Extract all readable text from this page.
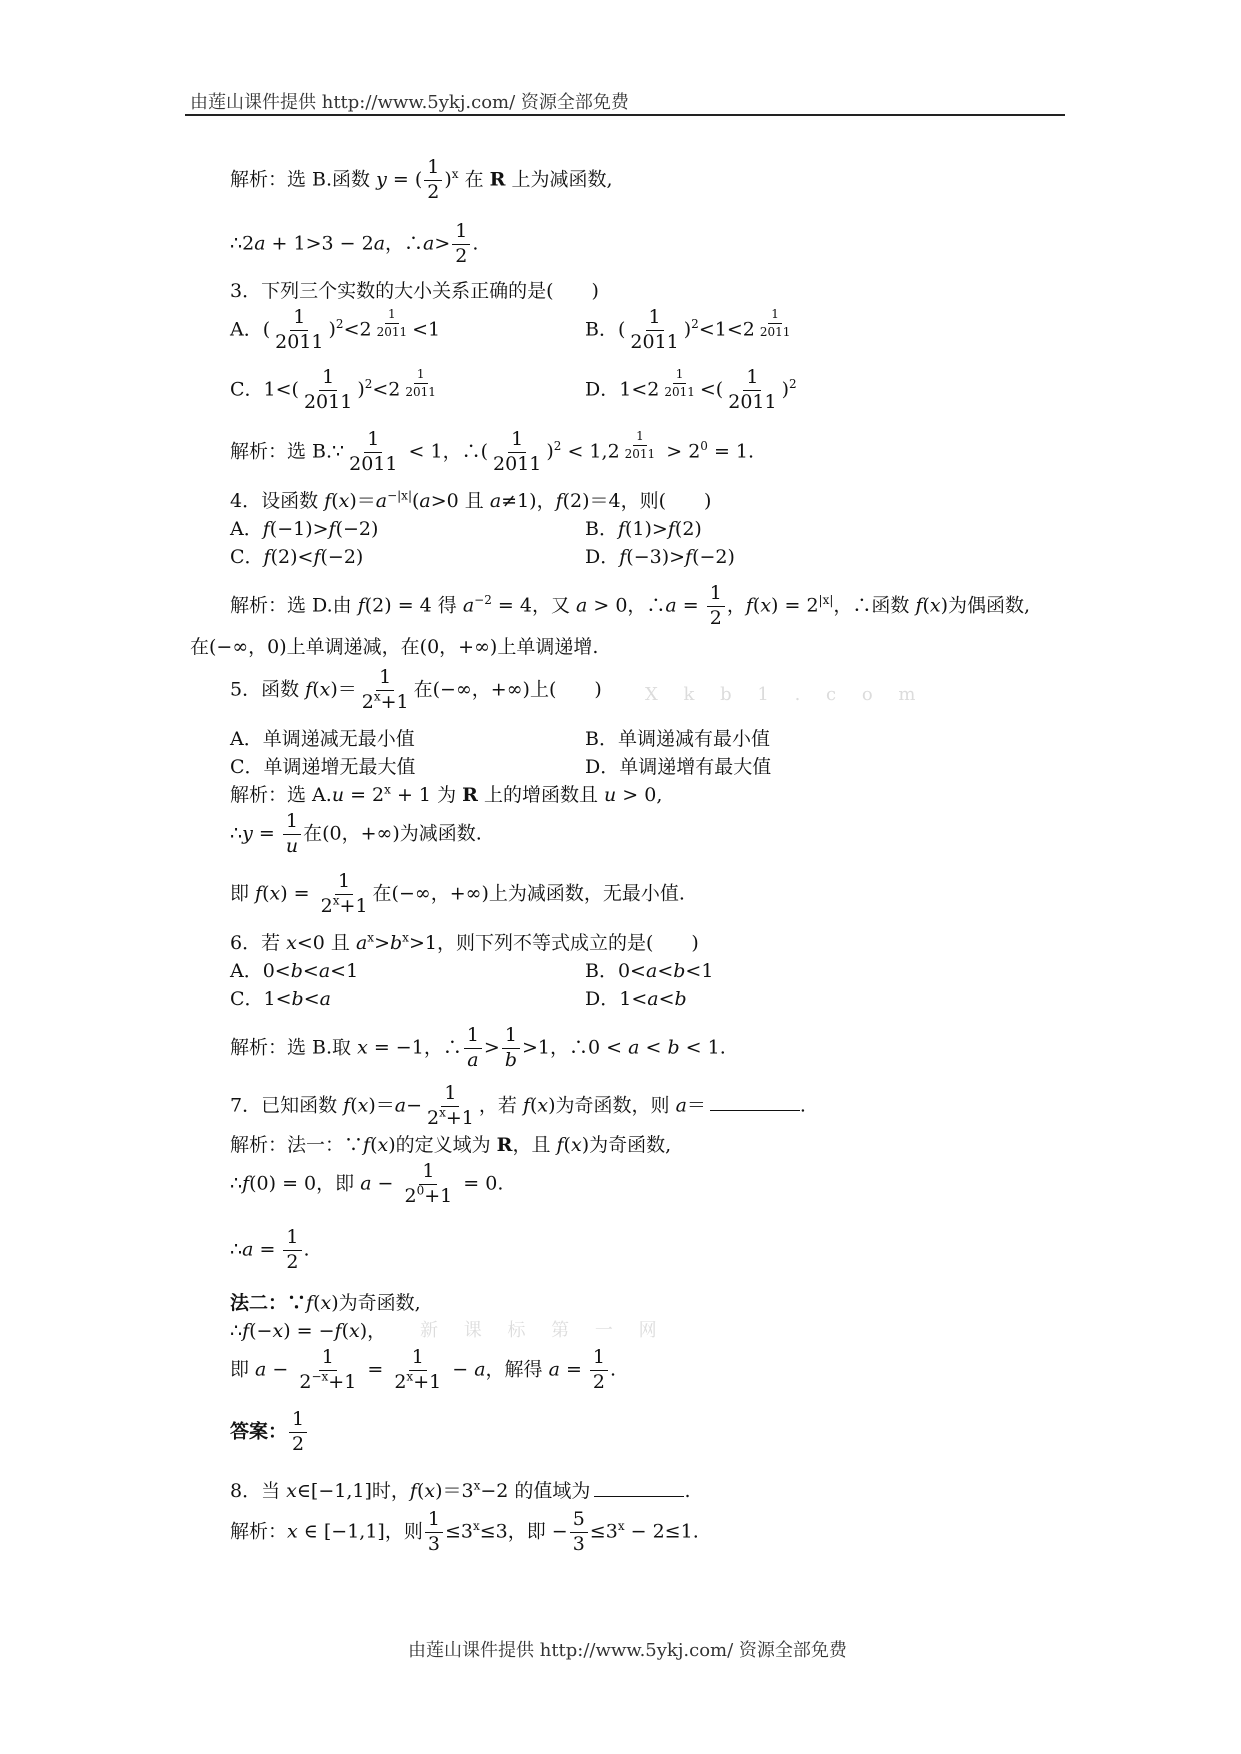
由莲山课件提供 http://www.5ykj.com/ 资源全部免费
解析：选 B.函数 y = ( $\frac{1}{2} )^x$ 在 R 上为减函数,
∴2a + 1>3 − 2a，∴a> $\frac{1}{2}$ .
3．下列三个实数的大小关系正确的是(　　)
A．( $\frac{1}{2011} )^2<2 \frac{1}{2011} <1$	B．( $\frac{1}{2011} )^2<1<2 \frac{1}{2011}$
C．$1<( \frac{1}{2011} )^2<2 \frac{1}{2011}$	D．$1<2 \frac{1}{2011}$ <( $\frac{1}{2011} )^2$
解析：选 B.∵ $\frac{1}{2011} < 1$，∴( $\frac{1}{2011} )^2 < 1,2 \frac{1}{2011} > 2^0 = 1$.
4．设函数 $f(x)=a^{-|x|}(a>0$ 且 a≠1)，f(2)＝4，则(　　)
A．f(−1)>f(−2)	B．f(1)>f(2)
C．f(2)<f(−2)	D．f(−3)>f(−2)
解析：选 D.由 f(2) = 4 得 $a^{-2} = 4$，又 a > 0，∴a = $\frac{1}{2}$ ，$f(x) = 2^{|x|}$，∴函数 f(x)为偶函数,
在(−∞，0)上单调递减，在(0，+∞)上单调递增.
5．函数 $f(x)= \frac{1}{2^x+1}$ 在(−∞，+∞)上(　　) X k b 1 . c o m
A．单调递减无最小值	B．单调递减有最小值
C．单调递增无最大值	D．单调递增有最大值
解析：选 $A.u = 2^x + 1$ 为 R 上的增函数且 u > 0,
∴y = $\frac{1}{u}$ 在(0，+∞)为减函数.
即 $f(x) = \frac{1}{2^x+1}$ 在(−∞，+∞)上为减函数，无最小值.
6．若 x<0 且 $a^x>b^x>1$，则下列不等式成立的是(　　)
A．0<b<a<1	B．0<a<b<1
C．1<b<a	D．1<a<b
解析：选 B.取 x = −1，∴ $\frac{1}{a} > \frac{1}{b} >1$，∴0 < a < b < 1.
7．已知函数 $f(x)=a- \frac{1}{2^x+1}$ ，若 f(x)为奇函数，则 a＝	.
解析：法一：∵f(x)的定义域为 R，且 f(x)为奇函数,
∴f(0) = 0，即 $a - \frac{1}{2^0+1} = 0$.
∴a = $\frac{1}{2}$ .
法二：∵f(x)为奇函数,
∴f(−x) = −f(x)， 新 课 标 第 一 网
即 $a - \frac{1}{2^{-x}+1} = \frac{1}{2^x+1} - a$，解得 $a = \frac{1}{2}$ .
答案： $\frac{1}{2}$
8．当 x∈[−1,1]时，$f(x)=3^x-2$ 的值域为	.
解析：x ∈ [−1,1]，则 $\frac{1}{3} \le 3^x\le 3$，即 − $\frac{5}{3} \le 3^x - 2\le 1$.
由莲山课件提供 http://www.5ykj.com/ 资源全部免费
